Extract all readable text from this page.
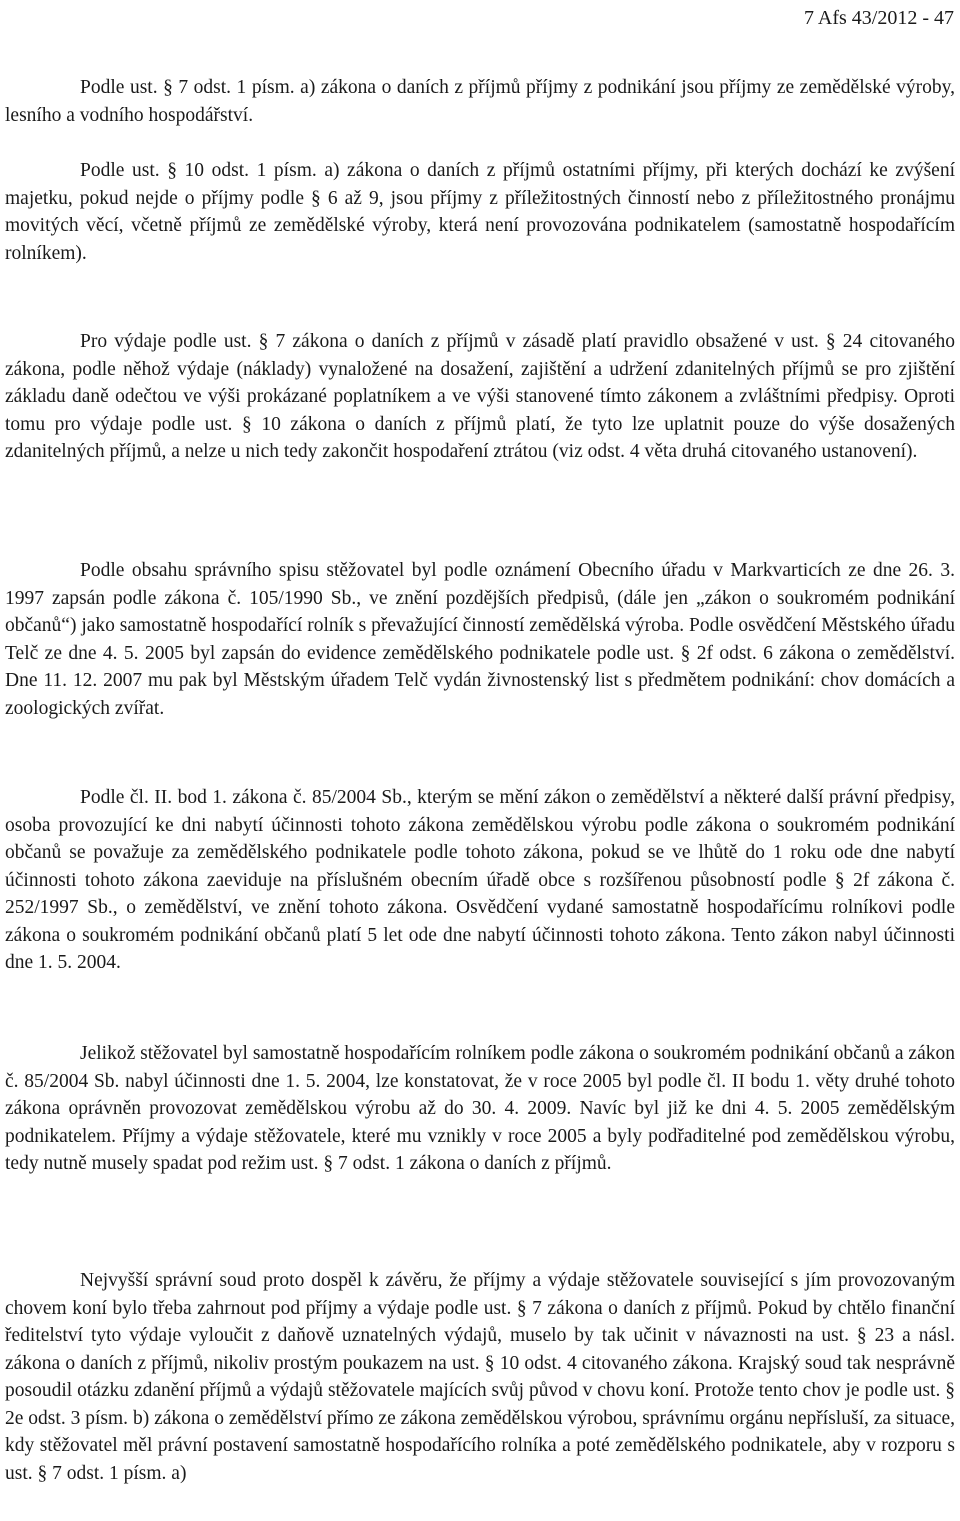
7 Afs 43/2012 - 47

Podle ust. § 7 odst. 1 písm. a) zákona o daních z příjmů příjmy z podnikání jsou příjmy ze zemědělské výroby, lesního a vodního hospodářství.

Podle ust. § 10 odst. 1 písm. a) zákona o daních z příjmů ostatními příjmy, při kterých dochází ke zvýšení majetku, pokud nejde o příjmy podle § 6 až 9, jsou příjmy z příležitostných činností nebo z příležitostného pronájmu movitých věcí, včetně příjmů ze zemědělské výroby, která není provozována podnikatelem (samostatně hospodařícím rolníkem).

Pro výdaje podle ust. § 7 zákona o daních z příjmů v zásadě platí pravidlo obsažené v ust. § 24 citovaného zákona, podle něhož výdaje (náklady) vynaložené na dosažení, zajištění a udržení zdanitelných příjmů se pro zjištění základu daně odečtou ve výši prokázané poplatníkem a ve výši stanovené tímto zákonem a zvláštními předpisy. Oproti tomu pro výdaje podle ust. § 10 zákona o daních z příjmů platí, že tyto lze uplatnit pouze do výše dosažených zdanitelných příjmů, a nelze u nich tedy zakončit hospodaření ztrátou (viz odst. 4 věta druhá citovaného ustanovení).

Podle obsahu správního spisu stěžovatel byl podle oznámení Obecního úřadu v Markvarticích ze dne 26. 3. 1997 zapsán podle zákona č. 105/1990 Sb., ve znění pozdějších předpisů, (dále jen „zákon o soukromém podnikání občanů“) jako samostatně hospodařící rolník s převažující činností zemědělská výroba. Podle osvědčení Městského úřadu Telč ze dne 4. 5. 2005 byl zapsán do evidence zemědělského podnikatele podle ust. § 2f odst. 6 zákona o zemědělství. Dne 11. 12. 2007 mu pak byl Městským úřadem Telč vydán živnostenský list s předmětem podnikání: chov domácích a zoologických zvířat.

Podle čl. II. bod 1. zákona č. 85/2004 Sb., kterým se mění zákon o zemědělství a některé další právní předpisy, osoba provozující ke dni nabytí účinnosti tohoto zákona zemědělskou výrobu podle zákona o soukromém podnikání občanů se považuje za zemědělského podnikatele podle tohoto zákona, pokud se ve lhůtě do 1 roku ode dne nabytí účinnosti tohoto zákona zaeviduje na příslušném obecním úřadě obce s rozšířenou působností podle § 2f zákona č. 252/1997 Sb., o zemědělství, ve znění tohoto zákona. Osvědčení vydané samostatně hospodařícímu rolníkovi podle zákona o soukromém podnikání občanů platí 5 let ode dne nabytí účinnosti tohoto zákona. Tento zákon nabyl účinnosti dne 1. 5. 2004.

Jelikož stěžovatel byl samostatně hospodařícím rolníkem podle zákona o soukromém podnikání občanů a zákon č. 85/2004 Sb. nabyl účinnosti dne 1. 5. 2004, lze konstatovat, že v roce 2005 byl podle čl. II bodu 1. věty druhé tohoto zákona oprávněn provozovat zemědělskou výrobu až do 30. 4. 2009. Navíc byl již ke dni 4. 5. 2005 zemědělským podnikatelem. Příjmy a výdaje stěžovatele, které mu vznikly v roce 2005 a byly podřaditelné pod zemědělskou výrobu, tedy nutně musely spadat pod režim ust. § 7 odst. 1 zákona o daních z příjmů.

Nejvyšší správní soud proto dospěl k závěru, že příjmy a výdaje stěžovatele související s jím provozovaným chovem koní bylo třeba zahrnout pod příjmy a výdaje podle ust. § 7 zákona o daních z příjmů. Pokud by chtělo finanční ředitelství tyto výdaje vyloučit z daňově uznatelných výdajů, muselo by tak učinit v návaznosti na ust. § 23 a násl. zákona o daních z příjmů, nikoliv prostým poukazem na ust. § 10 odst. 4 citovaného zákona. Krajský soud tak nesprávně posoudil otázku zdanění příjmů a výdajů stěžovatele majících svůj původ v chovu koní. Protože tento chov je podle ust. § 2e odst. 3 písm. b) zákona o zemědělství přímo ze zákona zemědělskou výrobou, správnímu orgánu nepřísluší, za situace, kdy stěžovatel měl právní postavení samostatně hospodařícího rolníka a poté zemědělského podnikatele, aby v rozporu s ust. § 7 odst. 1 písm. a)
